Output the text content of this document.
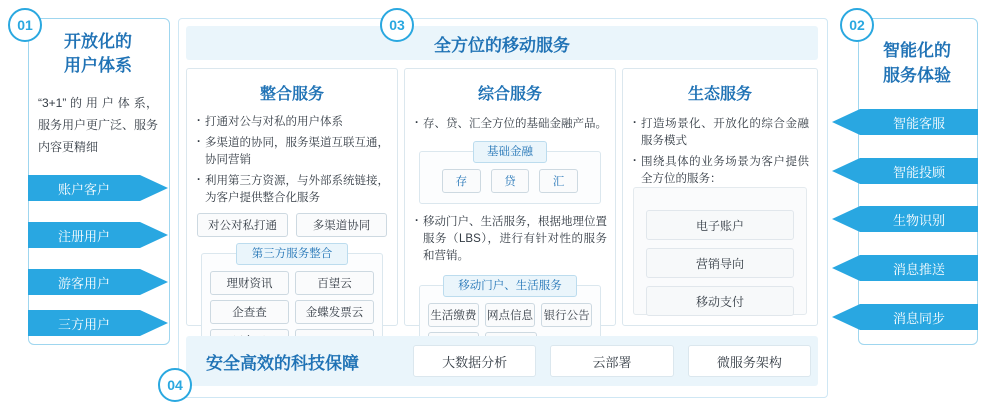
01
开放化的
用户体系
“3+1” 的 用 户 体 系，服务用户更广泛、服务内容更精细
账户客户
注册用户
游客用户
三方用户
02
智能化的
服务体验
智能客服
智能投顾
生物识别
消息推送
消息同步
03
全方位的移动服务
整合服务
· 打通对公与对私的用户体系
· 多渠道的协同，服务渠道互联互通，协同营销
· 利用第三方资源，与外部系统链接，为客户提供整合化服务
对公对私打通	多渠道协同
第三方服务整合
理财资讯	百望云
企查查	金蝶发票云
综合服务
· 存、贷、汇全方位的基础金融产品。
基础金融
存	贷	汇
· 移动门户、生活服务，根据地理位置服务（LBS），进行有针对性的服务和营销。
移动门户、生活服务
生活缴费 网点信息 银行公告
生态服务
· 打造场景化、开放化的综合金融服务模式
· 围绕具体的业务场景为客户提供全方位的服务：
电子账户
营销导向
移动支付
安全高效的科技保障	大数据分析	云部署	微服务架构
04
